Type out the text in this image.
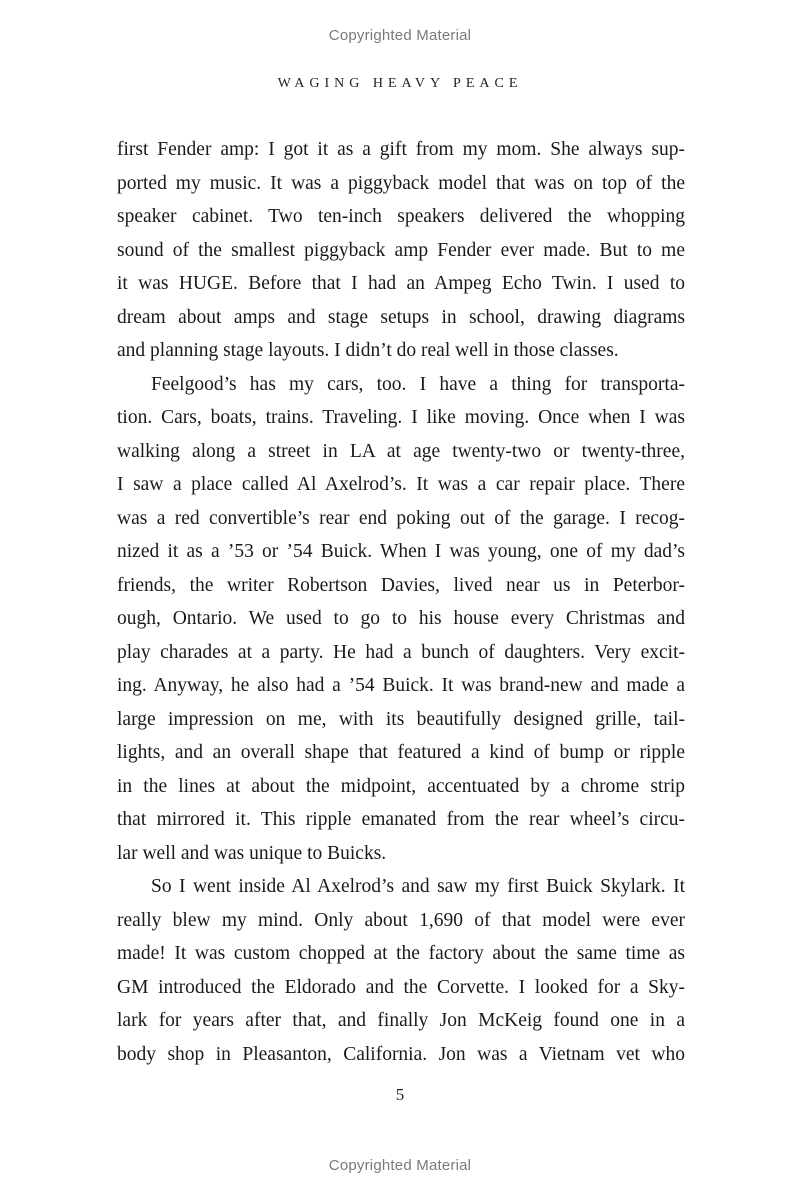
Copyrighted Material
WAGING HEAVY PEACE
first Fender amp: I got it as a gift from my mom. She always sup-
ported my music. It was a piggyback model that was on top of the
speaker cabinet. Two ten-inch speakers delivered the whopping
sound of the smallest piggyback amp Fender ever made. But to me
it was HUGE. Before that I had an Ampeg Echo Twin. I used to
dream about amps and stage setups in school, drawing diagrams
and planning stage layouts. I didn’t do real well in those classes.
Feelgood’s has my cars, too. I have a thing for transporta-
tion. Cars, boats, trains. Traveling. I like moving. Once when I was
walking along a street in LA at age twenty-two or twenty-three,
I saw a place called Al Axelrod’s. It was a car repair place. There
was a red convertible’s rear end poking out of the garage. I recog-
nized it as a ’53 or ’54 Buick. When I was young, one of my dad’s
friends, the writer Robertson Davies, lived near us in Peterbor-
ough, Ontario. We used to go to his house every Christmas and
play charades at a party. He had a bunch of daughters. Very excit-
ing. Anyway, he also had a ’54 Buick. It was brand-new and made a
large impression on me, with its beautifully designed grille, tail-
lights, and an overall shape that featured a kind of bump or ripple
in the lines at about the midpoint, accentuated by a chrome strip
that mirrored it. This ripple emanated from the rear wheel’s circu-
lar well and was unique to Buicks.
So I went inside Al Axelrod’s and saw my first Buick Skylark. It
really blew my mind. Only about 1,690 of that model were ever
made! It was custom chopped at the factory about the same time as
GM introduced the Eldorado and the Corvette. I looked for a Sky-
lark for years after that, and finally Jon McKeig found one in a
body shop in Pleasanton, California. Jon was a Vietnam vet who
5
Copyrighted Material
